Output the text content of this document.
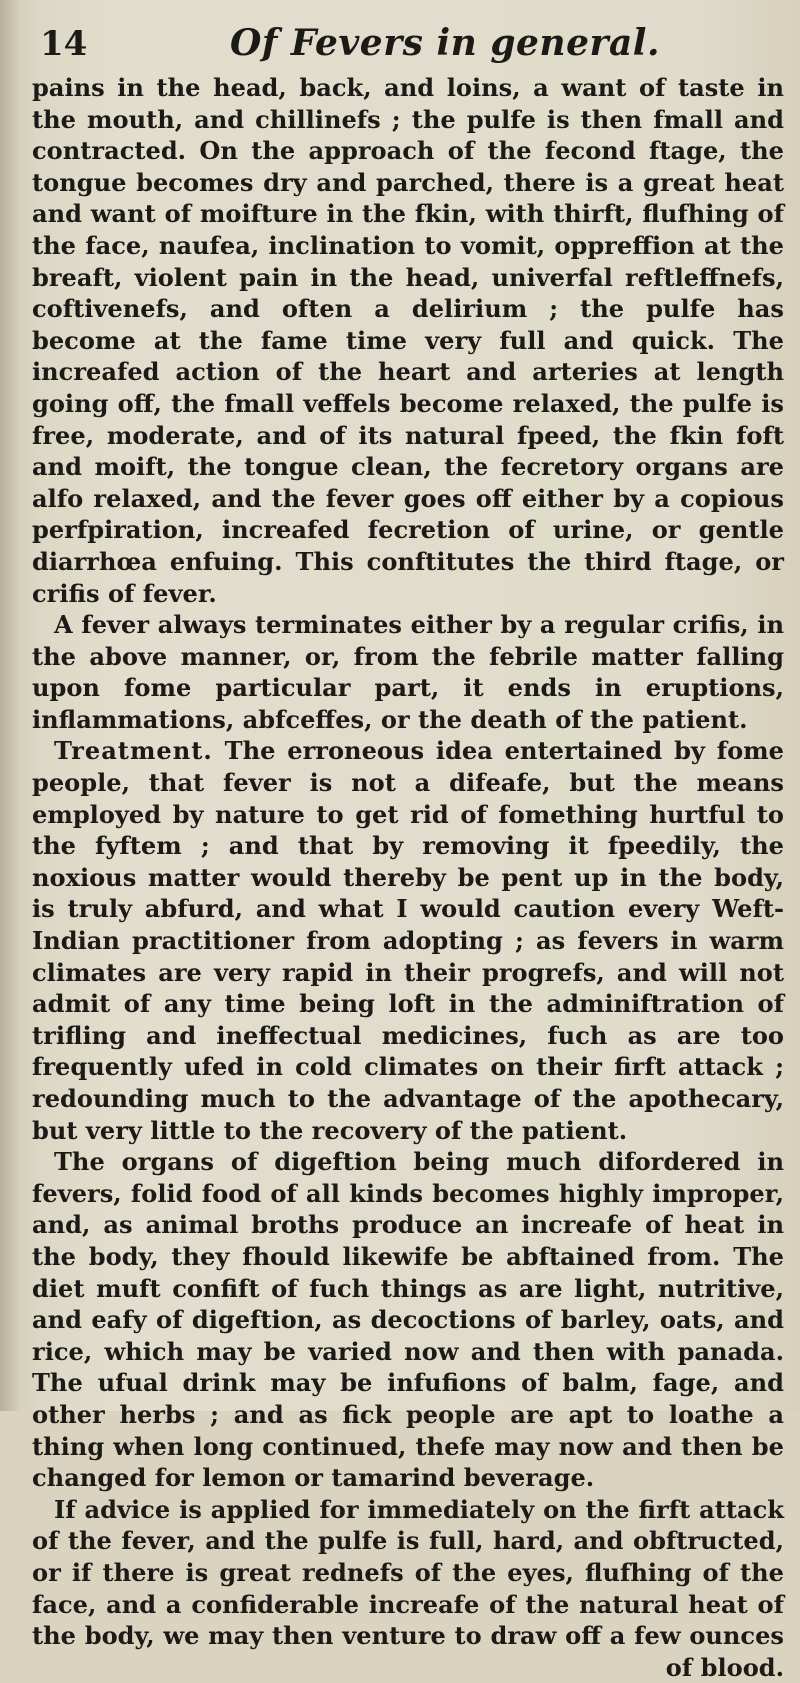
14	Of Fevers in general.

pains in the head, back, and loins, a want of taste in the mouth, and chillinefs ; the pulfe is then fmall and contracted. On the approach of the fecond ftage, the tongue becomes dry and parched, there is a great heat and want of moifture in the fkin, with thirft, flufhing of the face, naufea, inclination to vomit, oppreffion at the breaft, violent pain in the head, univerfal reftleffnefs, coftivenefs, and often a delirium ; the pulfe has become at the fame time very full and quick. The increafed action of the heart and arteries at length going off, the fmall veffels become relaxed, the pulfe is free, moderate, and of its natural fpeed, the fkin foft and moift, the tongue clean, the fecretory organs are alfo relaxed, and the fever goes off either by a copious perfpiration, increafed fecretion of urine, or gentle diarrhœa enfuing. This conftitutes the third ftage, or crifis of fever.

A fever always terminates either by a regular crifis, in the above manner, or, from the febrile matter falling upon fome particular part, it ends in eruptions, inflammations, abfceffes, or the death of the patient.

Treatment. The erroneous idea entertained by fome people, that fever is not a difeafe, but the means employed by nature to get rid of fomething hurtful to the fyftem ; and that by removing it fpeedily, the noxious matter would thereby be pent up in the body, is truly abfurd, and what I would caution every Weft-Indian practitioner from adopting ; as fevers in warm climates are very rapid in their progrefs, and will not admit of any time being loft in the adminiftration of trifling and ineffectual medicines, fuch as are too frequently ufed in cold climates on their firft attack ; redounding much to the advantage of the apothecary, but very little to the recovery of the patient.

The organs of digeftion being much difordered in fevers, folid food of all kinds becomes highly improper, and, as animal broths produce an increafe of heat in the body, they fhould likewife be abftained from. The diet muft confift of fuch things as are light, nutritive, and eafy of digeftion, as decoctions of barley, oats, and rice, which may be varied now and then with panada. The ufual drink may be infufions of balm, fage, and other herbs ; and as fick people are apt to loathe a thing when long continued, thefe may now and then be changed for lemon or tamarind beverage.

If advice is applied for immediately on the firft attack of the fever, and the pulfe is full, hard, and obftructed, or if there is great rednefs of the eyes, flufhing of the face, and a confiderable increafe of the natural heat of the body, we may then venture to draw off a few ounces of blood.
